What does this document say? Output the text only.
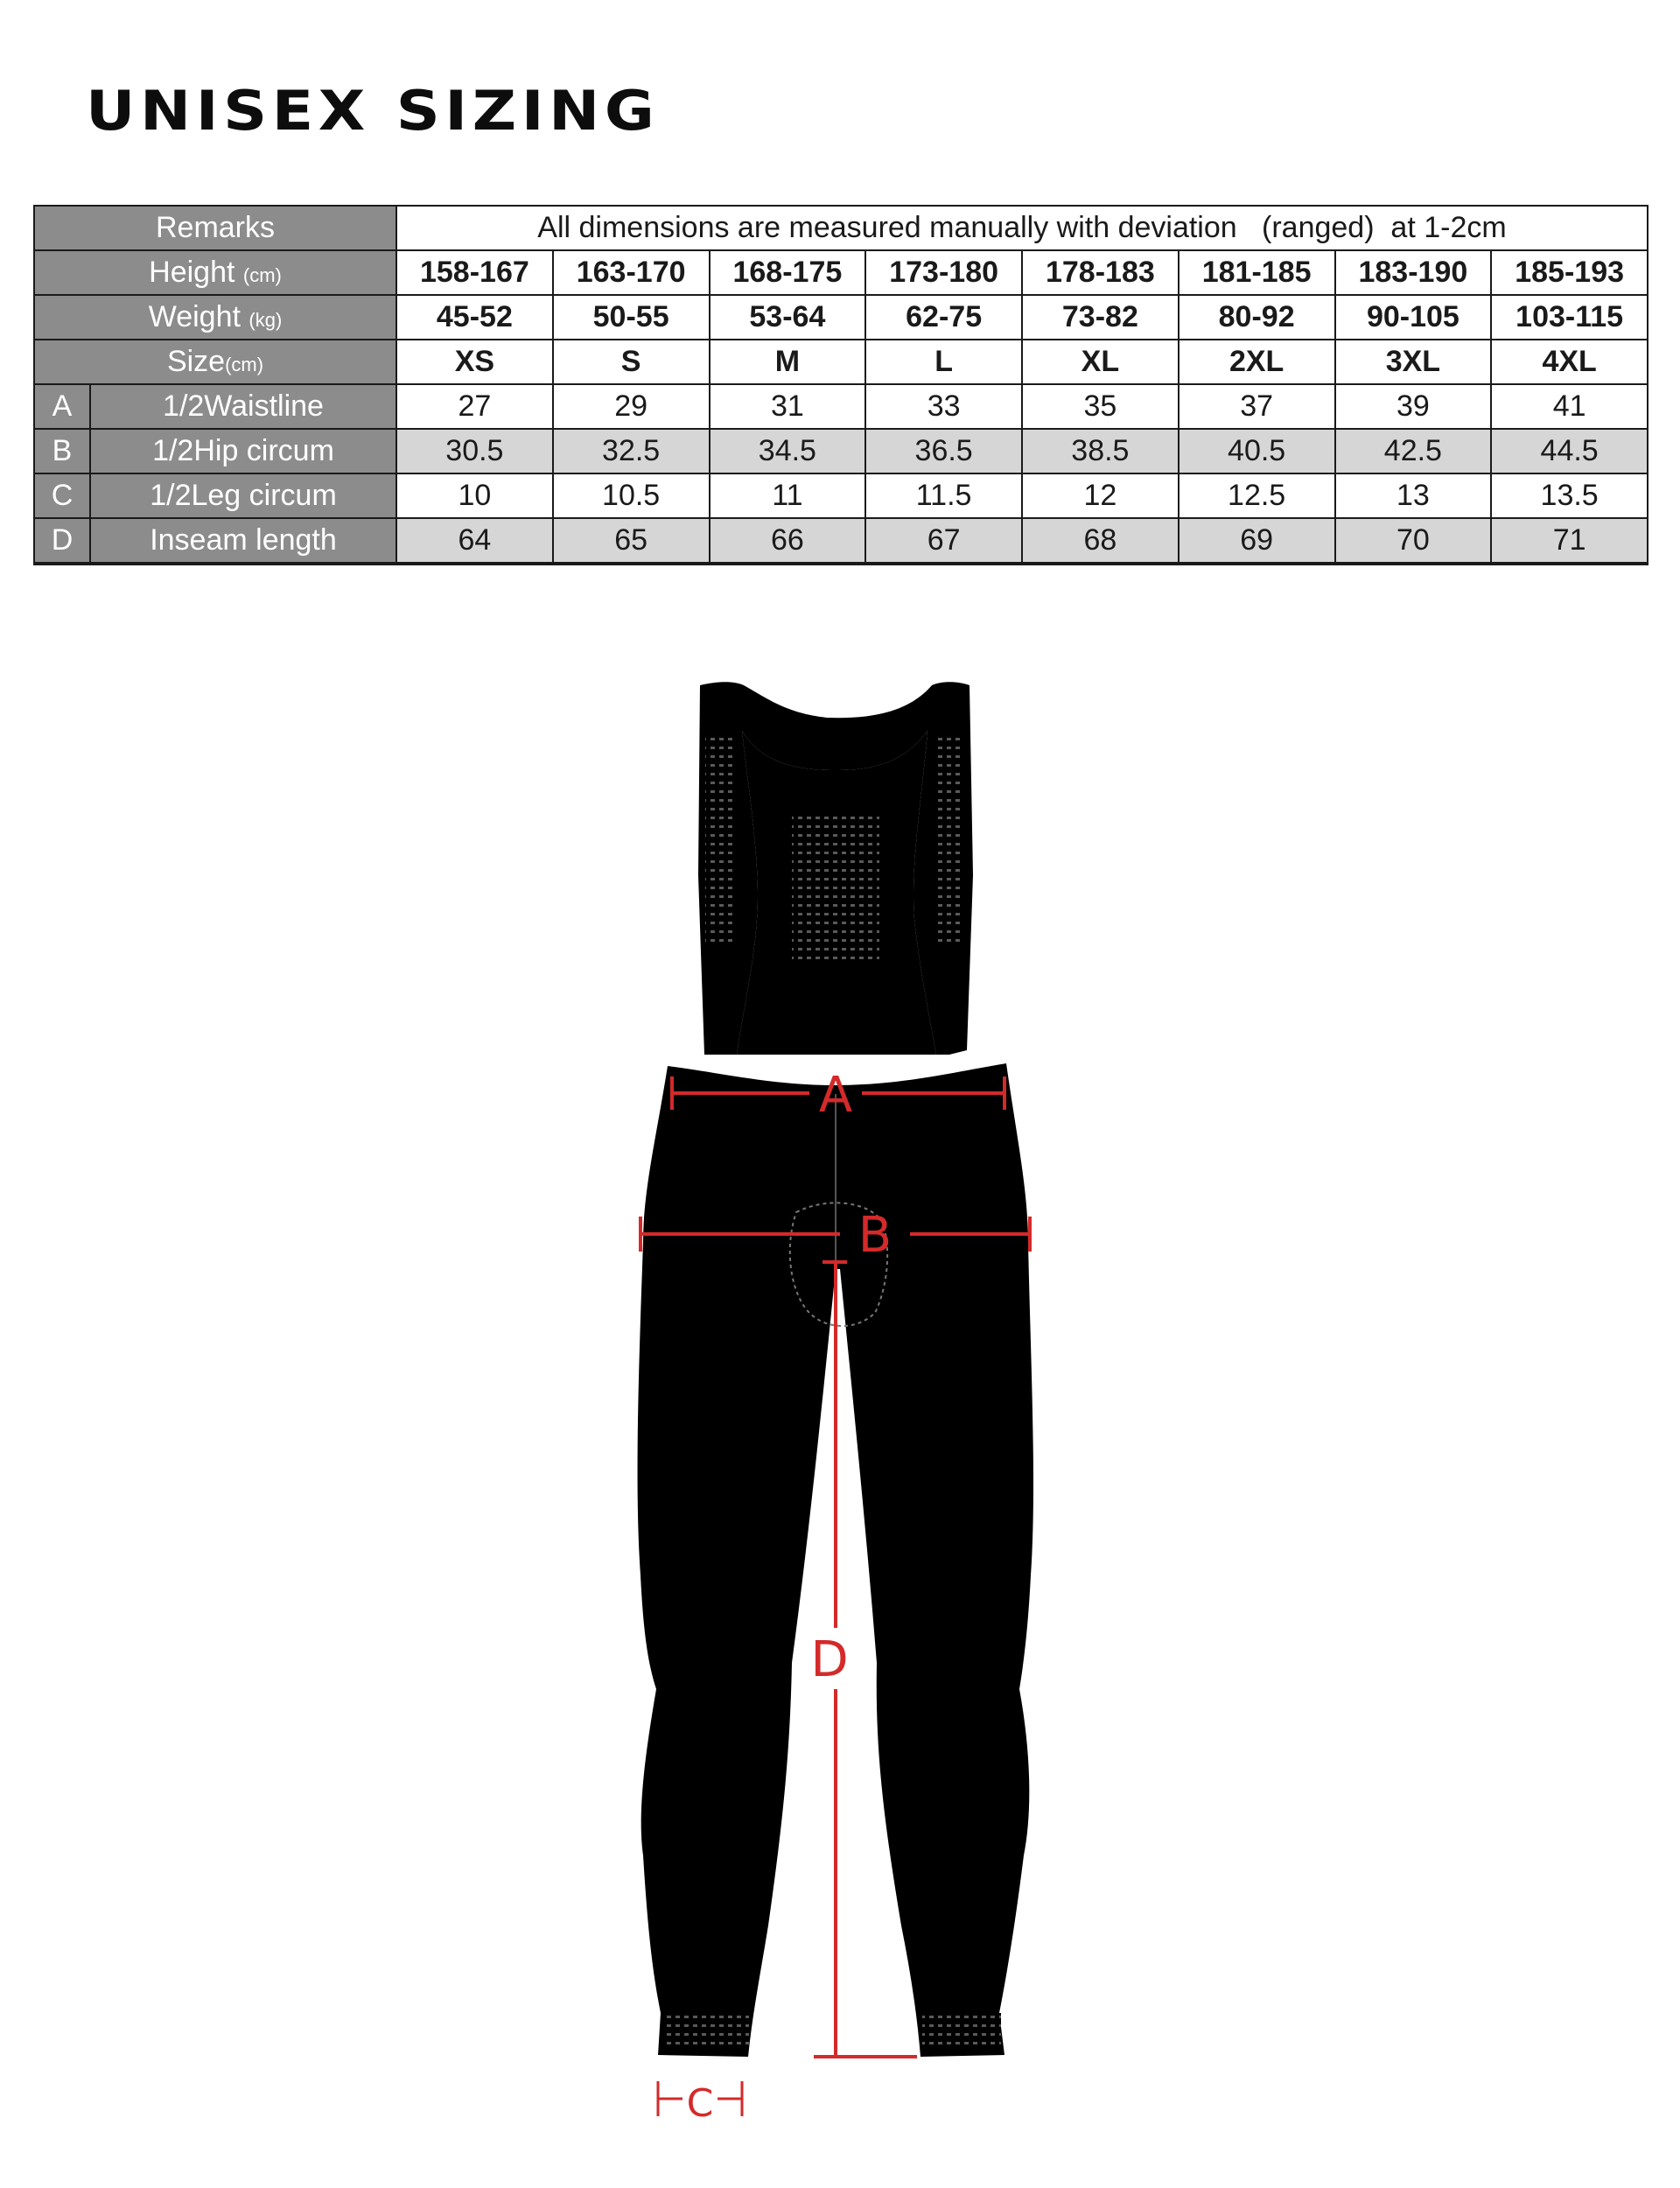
UNISEX SIZING
Remarks		All dimensions are measured manually with deviation   (ranged)  at 1-2cm							
Height (cm)		158-167	163-170	168-175	173-180	178-183	181-185	183-190	185-193
Weight (kg)		45-52	50-55	53-64	62-75	73-82	80-92	90-105	103-115
Size(cm)		XS	S	M	L	XL	2XL	3XL	4XL
A	1/2Waistline	27	29	31	33	35	37	39	41
B	1/2Hip circum	30.5	32.5	34.5	36.5	38.5	40.5	42.5	44.5
C	1/2Leg circum	10	10.5	11	11.5	12	12.5	13	13.5
D	Inseam length	64	65	66	67	68	69	70	71
A
B
D
C
